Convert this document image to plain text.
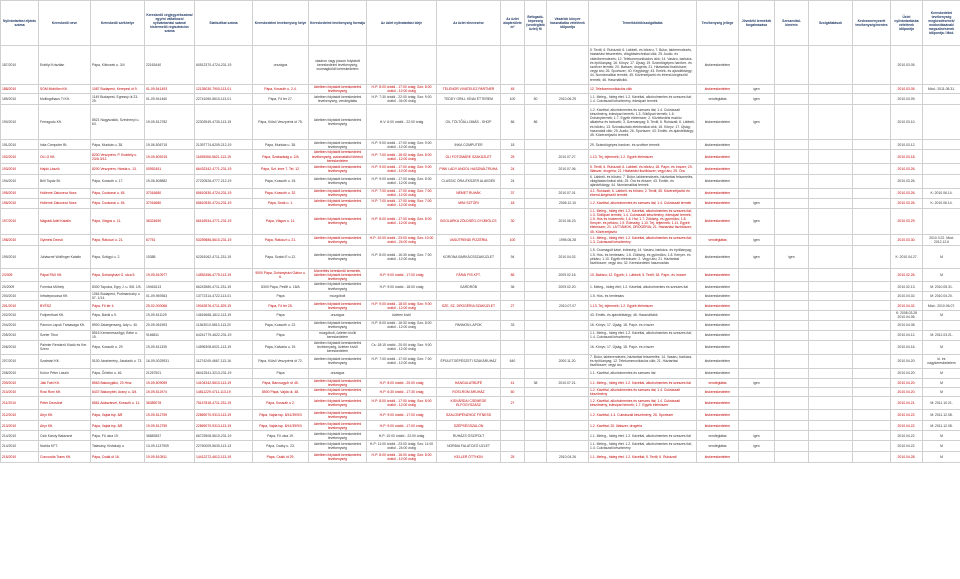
Nyilvántartási eljárás száma	Kereskedő neve	Kereskedő székhelye	Kereskedő cégjegyzékszáma/ egyéni vállalkozói nyilvántartási száma/ kistermelői regisztrációs száma	Statisztikai száma	Kereskedelmi tevékenység helye	Kereskedelmi tevékenység formája	Az üzlet nyitvatartási ideje	Az üzlet elnevezése	Az üzlet alapterülete m²	Befogadó-képesség (vendéglátó üzlet) fő	Vásárlók könyve használatba vételének időpontja	Termékkörök/szolgáltatás	Tevékenység jellege	Jövedéki termékek forgalmazása	Szeszesital-kimérés	Szolgáltatások	Kedvezményezett tevékenység/mentes	Üzlet nyilvántartásba vételének időpontja	Kereskedelmi tevékenység megkezdésének/ módosításának/ megszűnésének időpontja / Mód.
187/2010	Erdélyi Krisztián	Pápa, Kilincsek u. 3/4	22163440	60512370-4724-231-19	országos	vásáron vagy piacon folytatott kereskedelmi tevékenység, csomagküldő kereskedelem						5. Textil; 6. Ruházati; 6. Lábbeli- és bőráru; 7. Bútor, lakberendezés, háztartási felszerelés, világítástechnikai cikk; 25. Audio- és videóberendezés; 12. Telekommunikációs cikk; 14. Vasáru, barkács- és építőanyag; 16. Könyv; 17. Újság; 19. Számítógépes hardver- és szoftver termék; 20. Illatszer, drogéria; 21. Háztartási tisztítószer, vegyi áru; 26. Sportszer; 40. Kegytárgy; 43. Emlék- és ajándéktárgy; 44. Numizmatikai termék; 45. Közérzetjavító és étrend-kiegészítő termék; 46. Használtcikk.	kiskereskedelem					2010.03.05.	
188/2010	SOM Mobilfon Kft.	1087 Budapest, Kerepesi út 9.	01-09-541493	12135030-7900-113-01	Pápa, Kossuth u. 2-4.	üzletben folytatott kereskedelmi tevékenység	H-P: 8:00 órától - 17:00 óráig; Szo: 8:00 órától - 12:00 óráig	TELENOR VIVATELEZ PARTNER	45			12. Telekommunikációs cikk	kiskereskedelem	igen				2010.03.05.	Mód.: 2011.08.31.
189/2010	Mollingdhaus Ti Kft.	1149 Budapest, Egressy út 23-25.	01-09-941460	22741060-5610-113-01	Pápa, Fő tér 27.	üzletben folytatott kereskedelmi tevékenység, vendéglátás	H-P: 7:30 órától - 22:00 óráig; Szo: 9:00 órától - 04:00 óráig	TEDDY GRILL KÍNAI ÉTTEREM	100	50	2010.06.29	1.1. Meleg-, hideg étel; 1.2. Kávéital, alkoholmentes és szeszes ital; 1.4. Cukrászati készítmény, édesipari termék	vendéglátás	igen				2010.03.09.	
190/2010	Ferragudo Kft.	8521 Nagyszalók, Széchenyi u. 63.	19-09-512782	22303949-4730-113-19	Pápa, Külső Veszprémi út 75.	üzletben folytatott kereskedelmi tevékenység	H-V: 6:00 órától - 22:00 óráig	OIL TÖLTŐÁLLOMÁS - SHOP	86	86		1.2. Kávéital, alkoholmentes és szeszes ital; 1.4. Cukrászati készítmény, édesipari termék; 1.3. Sütőipari termék; 1.6. Dohánytermék; 1.7. Egyéb élelmiszer; 2. Közlekedési eszköz alkatrész és tartozék; 3. Üzemanyag; 5. Textil; 6. Ruházati; 6. Lábbeli- és bőráru; 13. Szórakoztató elektronikai cikk; 16. Könyv; 17. Újság; használati cikk; 25. Audio; 26. Sportszer; 43. Emlék- és ajándéktárgy; 45. Közérzetjavító termék	kiskereskedelem	igen				2010.03.10.	
191/2010	Inka Computer Bt.	Pápa, Munkás u. 38.	19-06-506715	21397774-6209-212-19	Pápa, Munkás u. 38.	üzletben folytatott kereskedelmi tevékenység	H-P: 9:00 órától - 17:00 óráig; Szo: 9:00 órától - 12:00 óráig	INKA COMPUTER	18			29. Számítógépes hardver- és szoftver termék	kiskereskedelem					2010.03.12.	
192/2010	OLI-G Kft.	8200 Veszprém, P. Kvártély u. 23/A 3/12.	19-09-509215	11695066-5621-113-19	Pápa, Szabadság u. 2/A	üzletben folytatott kereskedelmi tevékenység, automatából történő kereskedelem	H-P: 7:00 órától - 16:00 óráig; Szo: 8:00 órától - 12:00 óráig	OLI FOTOMÁRE SZAKÜZLET	25		2010.07.27.	1.13. Tej, tejtermék; 1.2. Egyéb élelmiszer	kiskereskedelem					2010.03.18.	
193/2010	Hajdú László	8200 Veszprém, Hársfa u. 13.	00952451	66432342-4771-231-19	Pápa, Szt. Imre 7. Tel. 12.	üzletben folytatott kereskedelmi tevékenység	H-P: 9:00 órától - 17:00 óráig; Szo: 9:00 órától - 12:00 óráig	PINK LADY ANGOL HASZNÁLTRUHA	24		2010.07.06.	5. Textil; 6. Ruházati; 6. Lábbeli- és bőráru; 18. Papír- és írószer; 20. Illatszer, drogéria; 21. Háztartási tisztítószer; vegyi áru; 25. Óra	kiskereskedelem					2010.03.26.	
194/2010	Brill Topáz Bt.	Pápa, Kossuth u. 17.	19-06-508882	27220526-4777-212-19	Pápa, Kossuth u. 15.	üzletben folytatott kereskedelmi tevékenység	H-P: 9:00 órától - 17:00 óráig; Szo: 8:30 órától - 12:00 óráig	CLASSIC ÓRA-ÉKSZER ALAKDÉK	24			6. Lábbeli- és bőráru; 7. Bútor, lakberendezés, háztartási felszerelés, világítástechnikai cikk; 25. Óra és ékszer; 43. Emlék- és ajándéktárgy; 44. Numizmatikai termék	kiskereskedelem					2010.03.26.	
195/2010	Hollerné Zakovecz Nora	Pápa, Csokonai u. 45.	37016680	65610530-4724-231-19	Pápa, Kossuth u. 32.	üzletben folytatott kereskedelmi tevékenység	H-P: 7:00 órától - 17:00 óráig; Szo: 7:00 órától - 12:00 óráig	NÉMET RUHÁK	37		2010.07.01.	4.1. Ruházati; 6. Lábbeli- és bőráru; 2. Textil; 45. Közérzetjavító és étrend-kiegészítő termék	kiskereskedelem					2010.03.26.	K: 2010.06.14.
196/2010	Hollerné Zakovecz Nora	Pápa, Csokonai u. 45.	37016680	65610530-4724-231-19	Pápa, Deák u. 1.	üzletben folytatott kereskedelmi tevékenység	H-P: 7:00 órától - 17:00 óráig; Szo: 7:00 órától - 12:00 óráig	MINI SZTÓRI	18		2006.12.10	1.2. Kávéital, alkoholmentes és szeszes ital; 1.4. Cukrászati termék	kiskereskedelem	igen				2010.03.26.	K: 2010.06.14.
197/2010	Nágrádi Adél Katalin	Pápa, Vlágos u. 11.	36324690	66163934-4771-231-19	Pápa, Vlágos u. 11.	üzletben folytatott kereskedelmi tevékenység	H-P: 8:00 órától - 17:00 óráig; Szo: 8:00 órától - 12:00 óráig	BOGLÁRKA ZÖLDSÉG-GYÜMÖLCS	30		2010.06.23.	1.1. Meleg-, hideg étel; 1.2. Kávéital, alkoholmentes és szeszes ital; 1.3. Sütőipari termék; 1.4. Cukrászati készítmény, édesipari termék; 1.5. Hús és hústermék; 1.6. Hal; 1.7. Zöldség- és gyümölcs; 1.8. Kenyér- és pékáru; 1.9. Édesség; 1.10. Tej, tejtermék; 1.11. Egyéb élelmiszer; 21. LÁTTÁMOK, DROGÉRIA; 21. Háztartási tisztítószer; 45. Közérzetjavító	kiskereskedelem	igen				2010.03.29.	
198/2010	Gyimesi Dezső	Pápa, Rákóczi u. 21.	67751	53259886-5610-231-19	Pápa, Rákóczi u. 21.	üzletben folytatott kereskedelmi tevékenység	H-P: 10:00 órától - 23:00 óráig; Szo: 10:00 órától - 24:00 óráig	VASÚTRENDI PIZZÉRIA	100		1995.06.28	1.1. Meleg-, hideg étel; 1.2. Kávéital, alkoholmentes és szeszes ital; 1.3. Cukrászati készítmény	vendéglátás	igen				2010.03.30.	2010.3.22. Mód: 2012.12.6
199/2010	Juhászné Wolfinger Katalin	Pápa, Szlógyi u. 2.	15388	62261062-4711-231-19	Pápa, Szabó E u.12.	üzletben folytatott kereskedelmi tevékenység	H-P: 8:00 órától - 16:30 óráig; Szo: 7:00 órától - 12:00 óráig	KORONA BARKÁCSSZAKÜZLET	94		2010.04.02.	1.5. Csomagolt kávé, édesség; 14. Vasáru, barkács- és építőanyag; 1.5. Hús- és hentesáru; 1.6. Zöldség- és gyümölcs; 1.8. Kenyér- és pékáru; 1.10. Egyéb élelmiszer; 2. Vegyi áru; 21. Háztartási tisztítószer; vegyi áru; 32. Kereskedelmi hasznosítás	kiskereskedelem	igen	igen			K: 2010.04.27.	M
2/2009	Pápai PAX Kft.	Pápa, Dohányházi G. utca 5.	19-09-510977	14552456-4775-113-19	9000 Pápa, Dohányházi Gábor u. 6.	közvetítés kereskedő ármertek, üzletben folytatott kereskedelmi tevékenység	H-P: 9:00 órától - 17:00 óráig	FÁRAI PIS KFT.	85		2009.02.16.	10. Babáru; 12. Egyéb; 1. Lábbeli; 5. Textil; 18. Papír- és írószer	kiskereskedelem					2010.02.26.	M
20/2009	Formica Műhely	8300 Tapolca, Egry J. u. 5/8. 1/5.	19461613	66243580-4711-231-19	8300 Pápa, Petőfi u. 18/A	üzletben folytatott kereskedelmi tevékenység	H-P: 9:00 órától - 18:00 óráig	GARDRÓB	36		2009.02.20.	1. Meleg-, hideg étel; 1.2. Kávéital, alkoholmentes és szeszes ital	kiskereskedelem					2010.02.13.	M: 2010.05.31.
200/2010	Infratepcsosva Kft.	1064 Budapest, Podmaniczky u 57. 1/14.	01-09-969363	13772314-4722-113-01	Pápa	mozgóbolt						1.5. Hús- és hentesáru	kiskereskedelem					2010.04.02.	M: 2010.04.20.
201/2010	BYÉSZ	Pápa, Fő tér 4.	29-02-000066	19043576-4711-529-19	Pápa, Fő tér 25.	üzletben folytatott kereskedelmi tevékenység	H-P: 9:00 órától - 18:00 óráig; Szo: 9:00 órától - 12:00 óráig	SZE. SZ. DROGÉRIA SZAKÜZLET	27		2010.07.07	1.13. Tej, tejtermék; 1.2. Egyéb élelmiszer	kiskereskedelem					2010.04.02.	Mód.: 2010.06.07.
202/2010	Fullpenthart Kft.	Pápa, Bánki u.9.	19-09-511129	14615668-1812-113-19	Pápa	országos	üzleten kívül					43. Emlék- és ajándéktárgy; 46. Használtcikk	kiskereskedelem					K: 2008.03.28 2010.04.06.	M
204/2010	Pannon Lapok Társasága Kft.	8900 Zalaegerszeg, Ady u. 40.	20-09-061593	11363010-5813-113-20	Pápa, Kossuth u. 22.	üzletben folytatott kereskedelmi tevékenység	H-P: 8:00 órától - 16:30 óráig; Szo: 8:00 órától - 12:00 óráig	PANNON LAPOK	33			16. Könyv; 17. Újság; 18. Papír- és írószer	kiskereskedelem					2010.04.08.	
205/2010	Szeler Tibor	8516 Kemenesszőgyi, Béke u. 15.	9166811	64241779-4622-231-19	Pápa	mozgóbolt, üzleten kívüli kereskedelem						1.1. Meleg-, hideg étel; 1.2. Kávéital, alkoholmentes és szeszes ital; 1.4. Cukrászati készítmény	kiskereskedelem					2010.04.12.	M: 2011.03.21.
206/2010	Palmier Rendező Kiadó és Ker. Szerv.	Pápa, Kossuth u. 29	19-09-511335	14596308-6021-113-19	Pápa, Kálvária u. 19.	üzletben folytatott kereskedelmi tevékenység, üzleten kívüli kereskedelem	Cs: 18:15 órától - 20:00 óráig; Szo: 9:00 órától - 12:00 óráig					16. Könyv; 17. Újság; 18. Papír- és írószer	kiskereskedelem					2010.04.16.	M
207/2010	Szatmári Kft.	5100 Jászberény, Jászladó u. 73.	16-09-0025931	11274249-4667-113-16	Pápa, Külső Veszprémi út 72.	üzletben folytatott kereskedelmi tevékenység	H-P: 7:00 órától - 17:00 óráig; Szo: 7:00 órától - 12:00 óráig	ÉPÜLETGÉPÉSZETI SZAKÁRUHÁZ	640		2000.11.20.	7. Bútor, lakberendezés, háztartási felszerelés; 14. Vasáru, barkács- és építőanyag; 12. Telekommunikációs cikk; 21. Háztartási tisztítószer; vegyi áru	kiskereskedelem					2010.04.20.	ki. és nagykereskedelem
208/2010	Kuhor Péter László	Pápa, Őrbékó u. 46.	21257501	66412541-3213-231-19	Pápa	országos						1.1. Kávéital, alkoholmentes és szeszes ital	kiskereskedelem					2010.04.20.	M
209/2010	Jáki Fabi Kft.	8563 Bakonyjákó, 20 Hrsz	19-09-509059	14104342-5610-113-19	Pápa, Barcsogyőr út 45.	üzletben folytatott kereskedelmi tevékenység	H-P: 8:00 órától - 20:00 óráig	HANGULATBÜFÉ	41	38	2010.07.21.	1.1. Meleg-, hideg étel; 1.2. Kávéital, alkoholmentes és szeszes ital	vendéglátás	igen				2010.04.20.	M
210/2010	Rosi Rom Kft.	8437 Bakonybél, Arany u. 3/4.	19-09-511974	14811229-4711-113-19	8500 Pápa, Vajda út. 48.	üzletben folytatott kereskedelmi tevékenység	H-P: 6:30 órától - 17:30 óráig	ROSI-ROM ÁRUHÁZ	60			1.2. Kávéital, alkoholmentes és szeszes ital; 1.4. Cukrászati készítmény	kiskereskedelem					2010.04.20.	M
211/2010	Péter Dezsőné	8561 Adásztevel, Kossuth u. 11.	36389078	75147818-4711-231-19	Pápa, Kossuth u 2.	üzletben folytatott kereskedelmi tevékenység	H-P: 8:00 órától - 17:00 óráig; Szo: 8:00 órától - 12:00 óráig	KISVÁRDAI CSEMEGE ELFOGYSZÁSZ	27			1.2. Kávéital, alkoholmentes és szeszes ital; 1.4. Cukrászati készítmény, édesipari termék; 1.7. Egyéb élelmiszer	kiskereskedelem					2010.04.21.	M: 2011.10.21.
212/2010	Ahyr Kft.	Pápa, Vajda tsp. 8/8	19-09-512759	22869070-9313-113-19	Pápa, Vajda tsp. 8/41/39/9/3	üzletben folytatott kereskedelmi tevékenység	H-P: 9:00 órától - 17:00 óráig	SZALONPÉNZHOZ FITNESS				1.2. Kávéital; 1.4. Cukrászati készítmény; 26. Sportszer	kiskereskedelem					2010.04.22.	M: 2011.12.08.
213/2010	Ahyr Kft.	Pápa, Vajda tsp. 8/8	19-09-512759	22869070-9313-113-19	Pápa, Vajda tsp. 8/41/39/9/3	üzletben folytatott kereskedelmi tevékenység	H-P: 9:00 órától - 17:00 óráig	SZÉPSÉGSZALON				1.2. Kávéital; 20. Illatszer, drogéria	kiskereskedelem					2010.04.22.	M: 2011.12.08.
214/2010	Csík Károly Balázsné	Pápa, Fő utca 19.	36883557	66723508-5610-231-19	Pápa, Fő utca 19.	üzletben folytatott kereskedelmi tevékenység	H-P: 10:00 órától - 22:00 óráig	RUHÁZS ÖSZIPOLT				1.1. Meleg-, hideg étel; 1.2. Kávéital, alkoholmentes és szeszes ital	vendéglátás	igen				2010.04.22.	M
214/2010	Norbia KFT.	Tatavány, Kisfaludy u.	13-09-1137909	22760009-5630-113-13	Pápa, Csáky u. 23.	üzletben folytatott kereskedelmi tevékenység	H-P: 11:00 órától - 23:00 óráig; Szo: 11:00 órától - 24:00 óráig	NORBIA FALATOZÓ ÜZLET				1.1. Meleg-, hideg étel; 1.2. Kávéital, alkoholmentes és szeszes ital; 1.4. Cukrászati készítmény	vendéglátás	igen				2010.04.22.	M
215/2010	Concordia Trans Kft.	Pápa, Csáki út 16.	19-09-510511	14412272-4612-113-19	Pápa, Csáki út 29.	üzletben folytatott kereskedelmi tevékenység	H-P: 8:00 órától - 16:00 óráig; Szo: 8:00 órától - 12:00 óráig	KELLER ÖTTHON	25		2010.04.26	1.1. Meleg-, hideg étel; 1.2. Kávéital; 5. Textil; 6. Ruházati	kiskereskedelem					2010.04.28.	M
